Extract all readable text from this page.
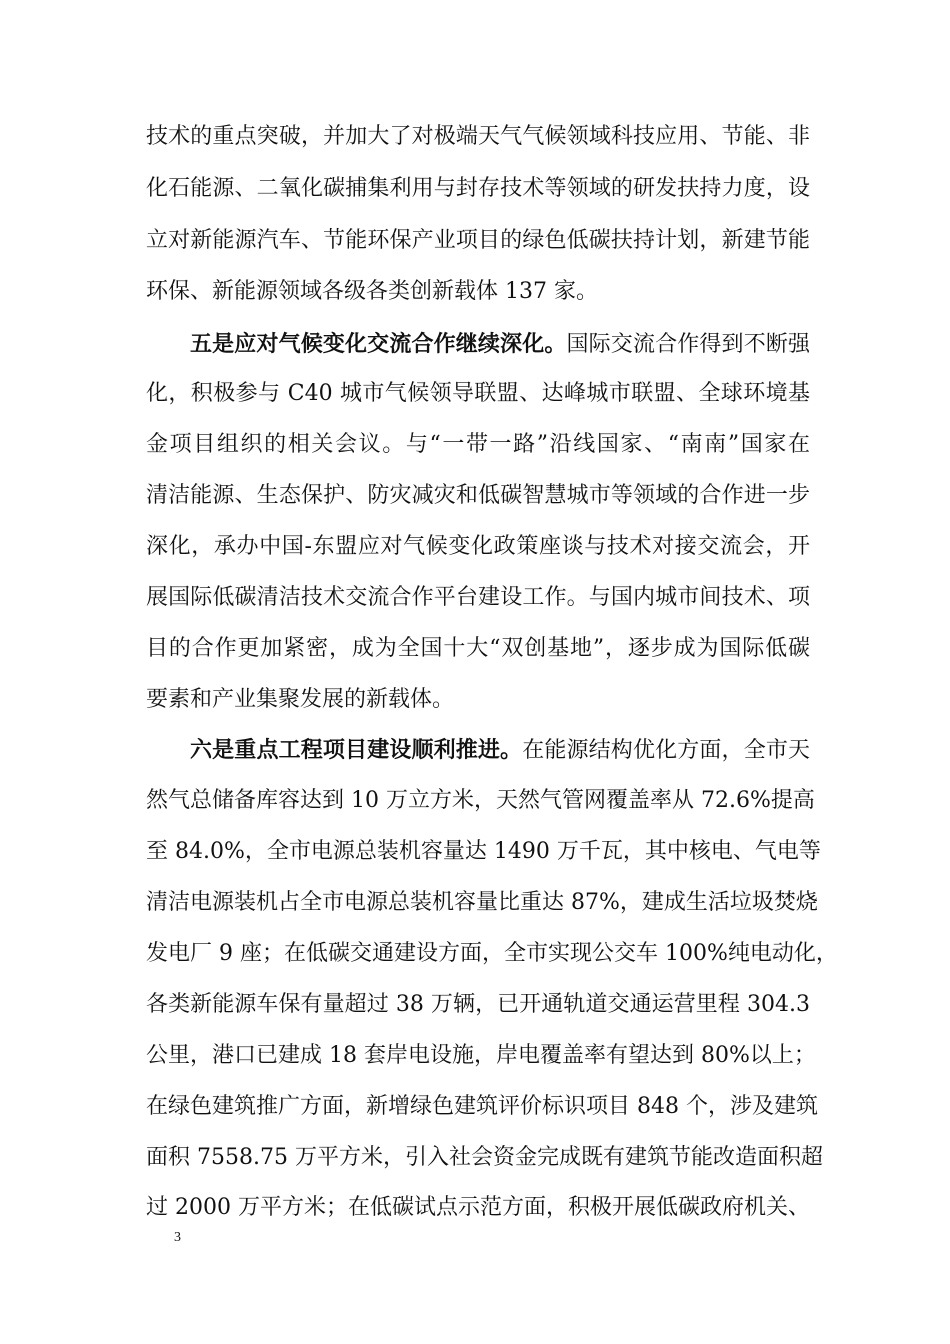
技术的重点突破，并加大了对极端天气气候领域科技应用、节能、非
化石能源、二氧化碳捕集利用与封存技术等领域的研发扶持力度，设
立对新能源汽车、节能环保产业项目的绿色低碳扶持计划，新建节能
环保、新能源领域各级各类创新载体 137 家。
五是应对气候变化交流合作继续深化。国际交流合作得到不断强
化，积极参与 C40 城市气候领导联盟、达峰城市联盟、全球环境基
金项目组织的相关会议。与“一带一路”沿线国家、“南南”国家在
清洁能源、生态保护、防灾减灾和低碳智慧城市等领域的合作进一步
深化，承办中国-东盟应对气候变化政策座谈与技术对接交流会，开
展国际低碳清洁技术交流合作平台建设工作。与国内城市间技术、项
目的合作更加紧密，成为全国十大“双创基地”，逐步成为国际低碳
要素和产业集聚发展的新载体。
六是重点工程项目建设顺利推进。在能源结构优化方面，全市天
然气总储备库容达到 10 万立方米，天然气管网覆盖率从 72.6%提高
至 84.0%，全市电源总装机容量达 1490 万千瓦，其中核电、气电等
清洁电源装机占全市电源总装机容量比重达 87%，建成生活垃圾焚烧
发电厂 9 座；在低碳交通建设方面，全市实现公交车 100%纯电动化，
各类新能源车保有量超过 38 万辆，已开通轨道交通运营里程 304.3
公里，港口已建成 18 套岸电设施，岸电覆盖率有望达到 80%以上；
在绿色建筑推广方面，新增绿色建筑评价标识项目 848 个，涉及建筑
面积 7558.75 万平方米，引入社会资金完成既有建筑节能改造面积超
过 2000 万平方米；在低碳试点示范方面，积极开展低碳政府机关、
3
